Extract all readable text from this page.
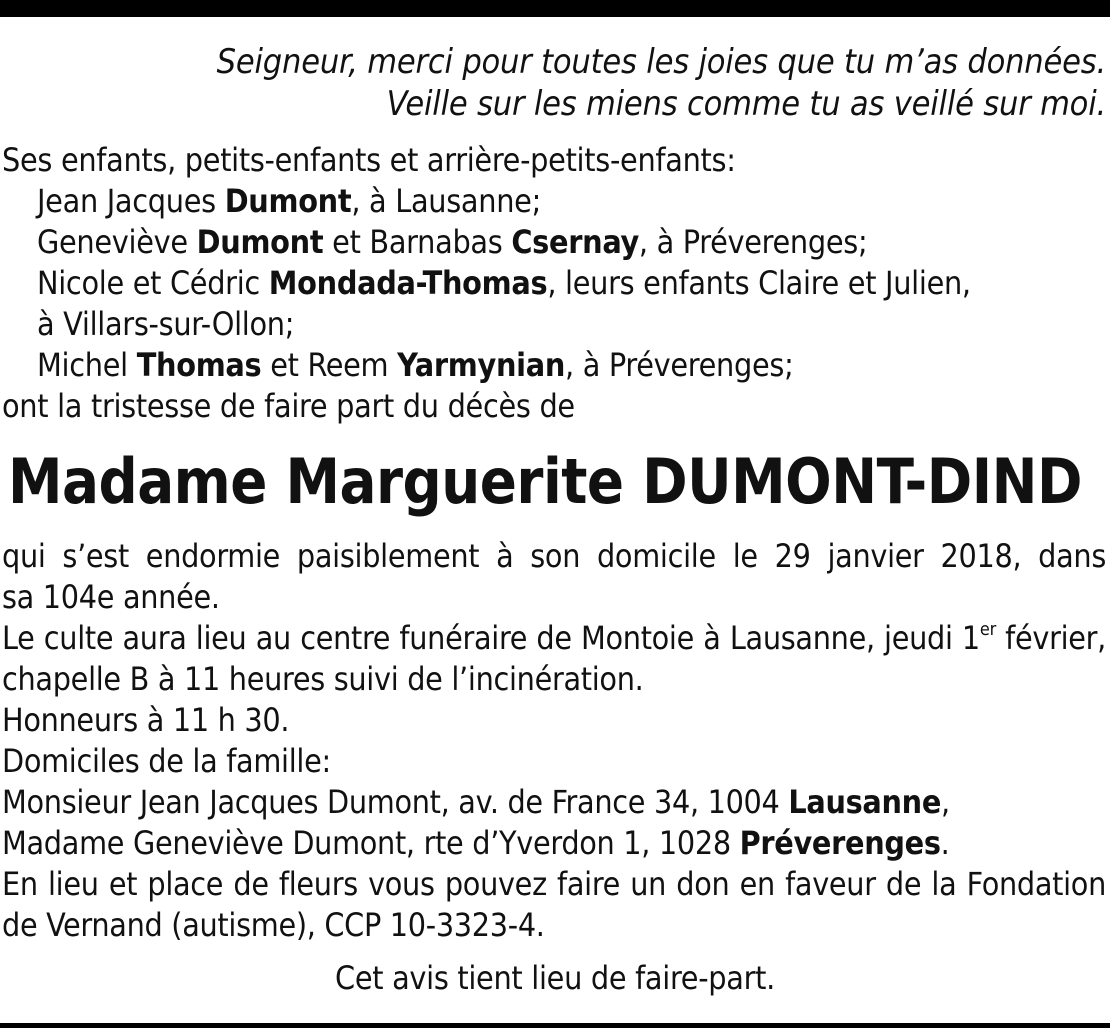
Seigneur, merci pour toutes les joies que tu m’as données.
Veille sur les miens comme tu as veillé sur moi.
Ses enfants, petits-enfants et arrière-petits-enfants:
Jean Jacques Dumont, à Lausanne;
Geneviève Dumont et Barnabas Csernay, à Préverenges;
Nicole et Cédric Mondada-Thomas, leurs enfants Claire et Julien,
à Villars-sur-Ollon;
Michel Thomas et Reem Yarmynian, à Préverenges;
ont la tristesse de faire part du décès de
Madame Marguerite DUMONT-DIND
qui s’est endormie paisiblement à son domicile le 29 janvier 2018, dans
sa 104e année.
Le culte aura lieu au centre funéraire de Montoie à Lausanne, jeudi 1er février,
chapelle B à 11 heures suivi de l’incinération.
Honneurs à 11 h 30.
Domiciles de la famille:
Monsieur Jean Jacques Dumont, av. de France 34, 1004 Lausanne,
Madame Geneviève Dumont, rte d’Yverdon 1, 1028 Préverenges.
En lieu et place de fleurs vous pouvez faire un don en faveur de la Fondation
de Vernand (autisme), CCP 10-3323-4.
Cet avis tient lieu de faire-part.
